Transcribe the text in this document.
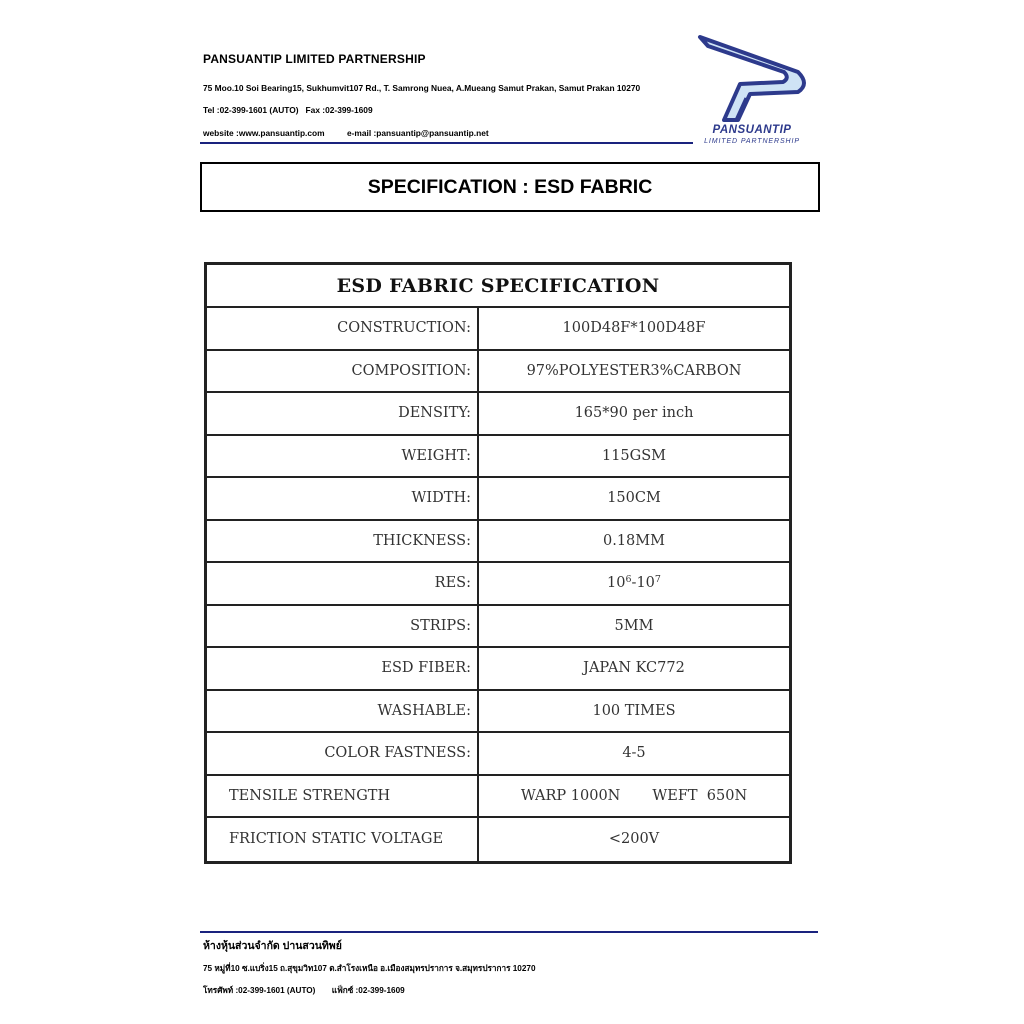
PANSUANTIP LIMITED PARTNERSHIP
75 Moo.10 Soi Bearing15, Sukhumvit107 Rd., T. Samrong Nuea, A.Mueang Samut Prakan, Samut Prakan 10270
Tel :02-399-1601 (AUTO)   Fax :02-399-1609
website :www.pansuantip.com	e-mail :pansuantip@pansuantip.net	PANSUANTIP
LIMITED PARTNERSHIP
SPECIFICATION : ESD FABRIC
ESD FABRIC SPECIFICATION
CONSTRUCTION:	100D48F*100D48F
COMPOSITION:	97%POLYESTER3%CARBON
DENSITY:	165*90 per inch
WEIGHT:	115GSM
WIDTH:	150CM
THICKNESS:	0.18MM
RES:	$10^6 - 10^7$
STRIPS:	5MM
ESD FIBER:	JAPAN KC772
WASHABLE:	100 TIMES
COLOR FASTNESS:	4-5
TENSILE STRENGTH	WARP 1000N WEFT  650N
FRICTION STATIC VOLTAGE	<200V
ห้างหุ้นส่วนจำกัด ปานสวนทิพย์
75 หมู่ที่10 ซ.แบริ่ง15 ถ.สุขุมวิท107 ต.สำโรงเหนือ อ.เมืองสมุทรปราการ จ.สมุทรปราการ 10270
โทรศัพท์ :02-399-1601 (AUTO) แฟ็กซ์ :02-399-1609
